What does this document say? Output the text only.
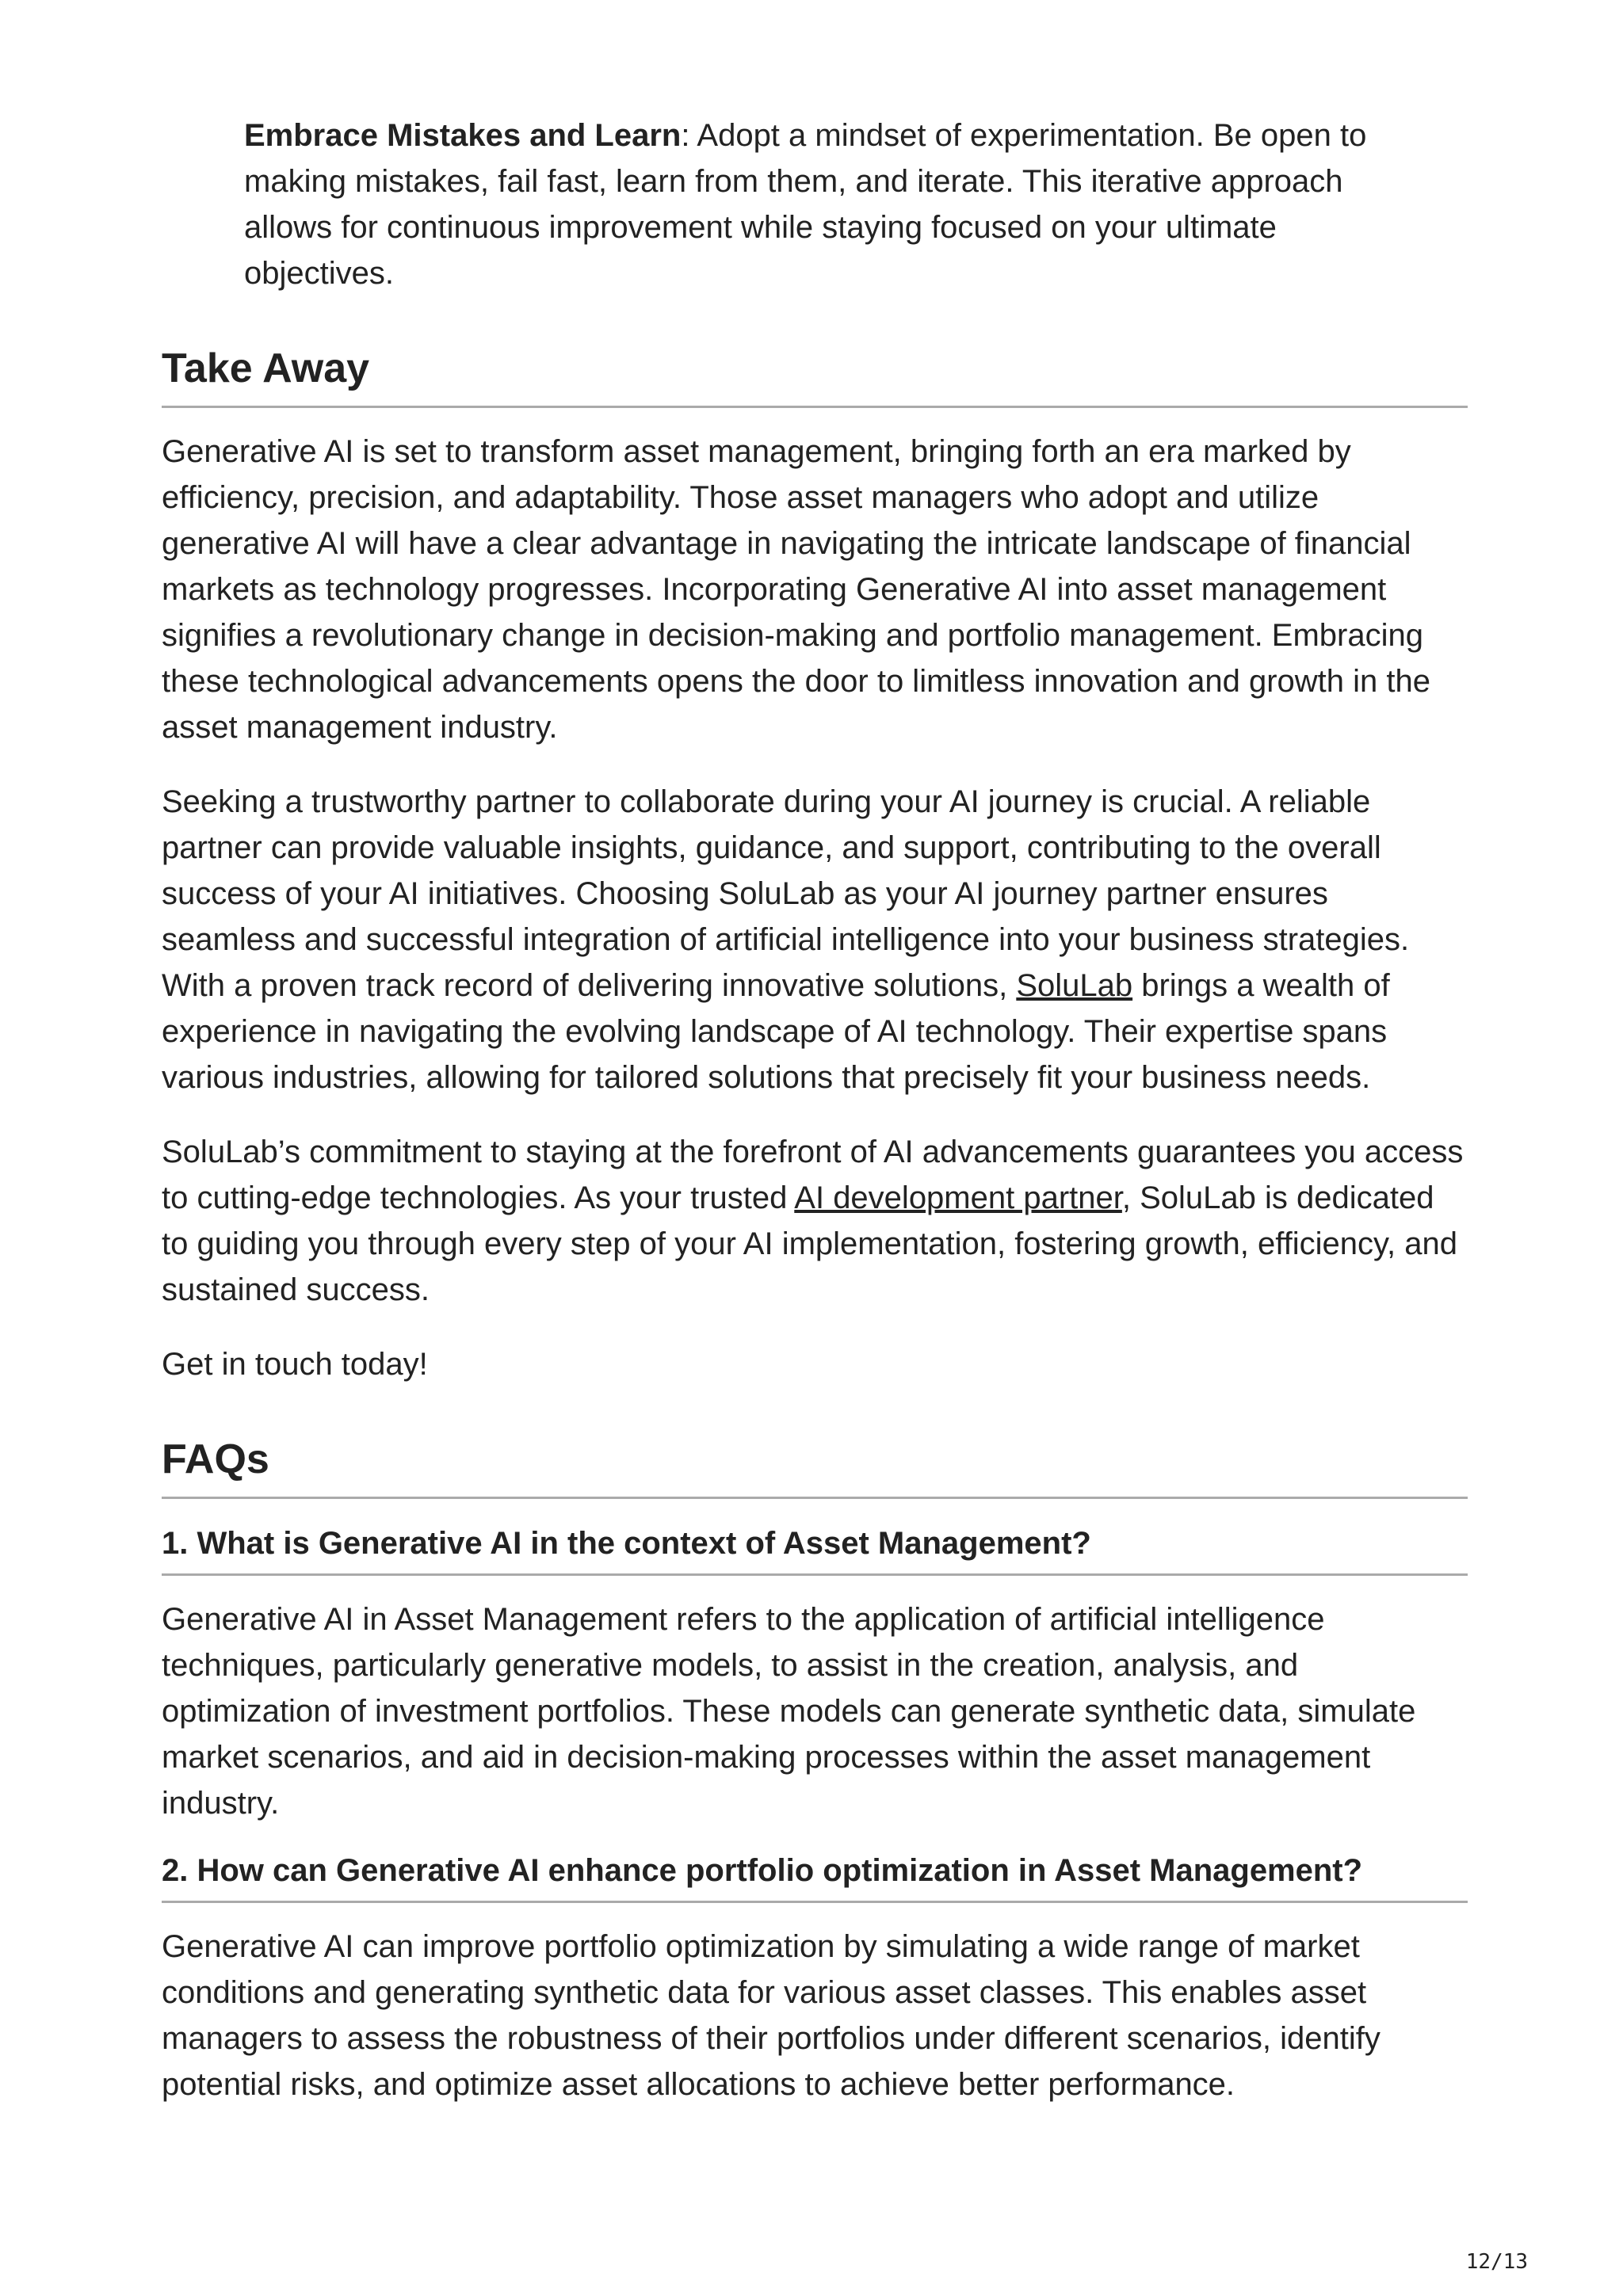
Embrace Mistakes and Learn: Adopt a mindset of experimentation. Be open to making mistakes, fail fast, learn from them, and iterate. This iterative approach allows for continuous improvement while staying focused on your ultimate objectives.
Take Away

Generative AI is set to transform asset management, bringing forth an era marked by efficiency, precision, and adaptability. Those asset managers who adopt and utilize generative AI will have a clear advantage in navigating the intricate landscape of financial markets as technology progresses. Incorporating Generative AI into asset management signifies a revolutionary change in decision-making and portfolio management. Embracing these technological advancements opens the door to limitless innovation and growth in the asset management industry.

Seeking a trustworthy partner to collaborate during your AI journey is crucial. A reliable partner can provide valuable insights, guidance, and support, contributing to the overall success of your AI initiatives. Choosing SoluLab as your AI journey partner ensures seamless and successful integration of artificial intelligence into your business strategies. With a proven track record of delivering innovative solutions, SoluLab brings a wealth of experience in navigating the evolving landscape of AI technology. Their expertise spans various industries, allowing for tailored solutions that precisely fit your business needs.

SoluLab’s commitment to staying at the forefront of AI advancements guarantees you access to cutting-edge technologies. As your trusted AI development partner, SoluLab is dedicated to guiding you through every step of your AI implementation, fostering growth, efficiency, and sustained success.

Get in touch today!

FAQs
1. What is Generative AI in the context of Asset Management?

Generative AI in Asset Management refers to the application of artificial intelligence techniques, particularly generative models, to assist in the creation, analysis, and optimization of investment portfolios. These models can generate synthetic data, simulate market scenarios, and aid in decision-making processes within the asset management industry.

2. How can Generative AI enhance portfolio optimization in Asset Management?

Generative AI can improve portfolio optimization by simulating a wide range of market conditions and generating synthetic data for various asset classes. This enables asset managers to assess the robustness of their portfolios under different scenarios, identify potential risks, and optimize asset allocations to achieve better performance.

12/13
